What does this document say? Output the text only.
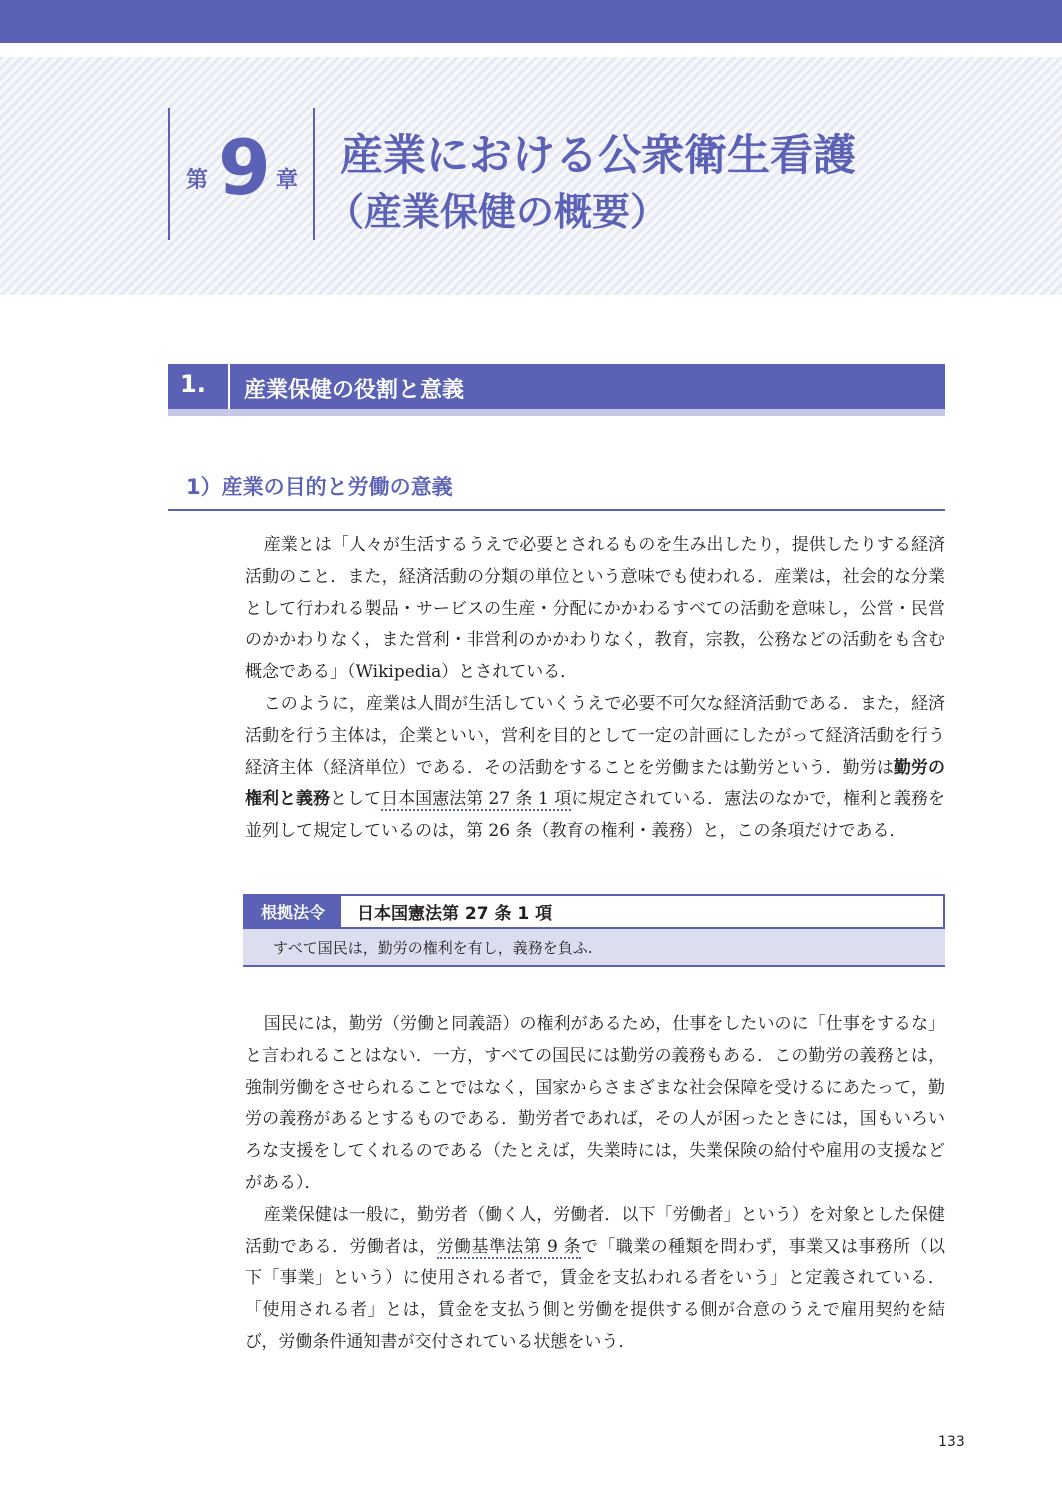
第 9 章 産業における公衆衛生看護
（産業保健の概要）
1.	産業保健の役割と意義
1）産業の目的と労働の意義

産業とは「人々が生活するうえで必要とされるものを生み出したり，提供したりする経済活動のこと．また，経済活動の分類の単位という意味でも使われる．産業は，社会的な分業として行われる製品・サービスの生産・分配にかかわるすべての活動を意味し，公営・民営のかかわりなく，また営利・非営利のかかわりなく，教育，宗教，公務などの活動をも含む概念である」（Wikipedia）とされている．

このように，産業は人間が生活していくうえで必要不可欠な経済活動である．また，経済活動を行う主体は，企業といい，営利を目的として一定の計画にしたがって経済活動を行う経済主体（経済単位）である．その活動をすることを労働または勤労という．勤労は勤労の権利と義務として日本国憲法第 27 条 1 項に規定されている．憲法のなかで，権利と義務を並列して規定しているのは，第 26 条（教育の権利・義務）と，この条項だけである．

根拠法令	日本国憲法第 27 条 1 項
すべて国民は，勤労の権利を有し，義務を負ふ.

国民には，勤労（労働と同義語）の権利があるため，仕事をしたいのに「仕事をするな」と言われることはない．一方，すべての国民には勤労の義務もある．この勤労の義務とは，強制労働をさせられることではなく，国家からさまざまな社会保障を受けるにあたって，勤労の義務があるとするものである．勤労者であれば，その人が困ったときには，国もいろいろな支援をしてくれるのである（たとえば，失業時には，失業保険の給付や雇用の支援などがある）．

産業保健は一般に，勤労者（働く人，労働者．以下「労働者」という）を対象とした保健活動である．労働者は，労働基準法第 9 条で「職業の種類を問わず，事業又は事務所（以下「事業」という）に使用される者で，賃金を支払われる者をいう」と定義されている．「使用される者」とは，賃金を支払う側と労働を提供する側が合意のうえで雇用契約を結び，労働条件通知書が交付されている状態をいう．

133
